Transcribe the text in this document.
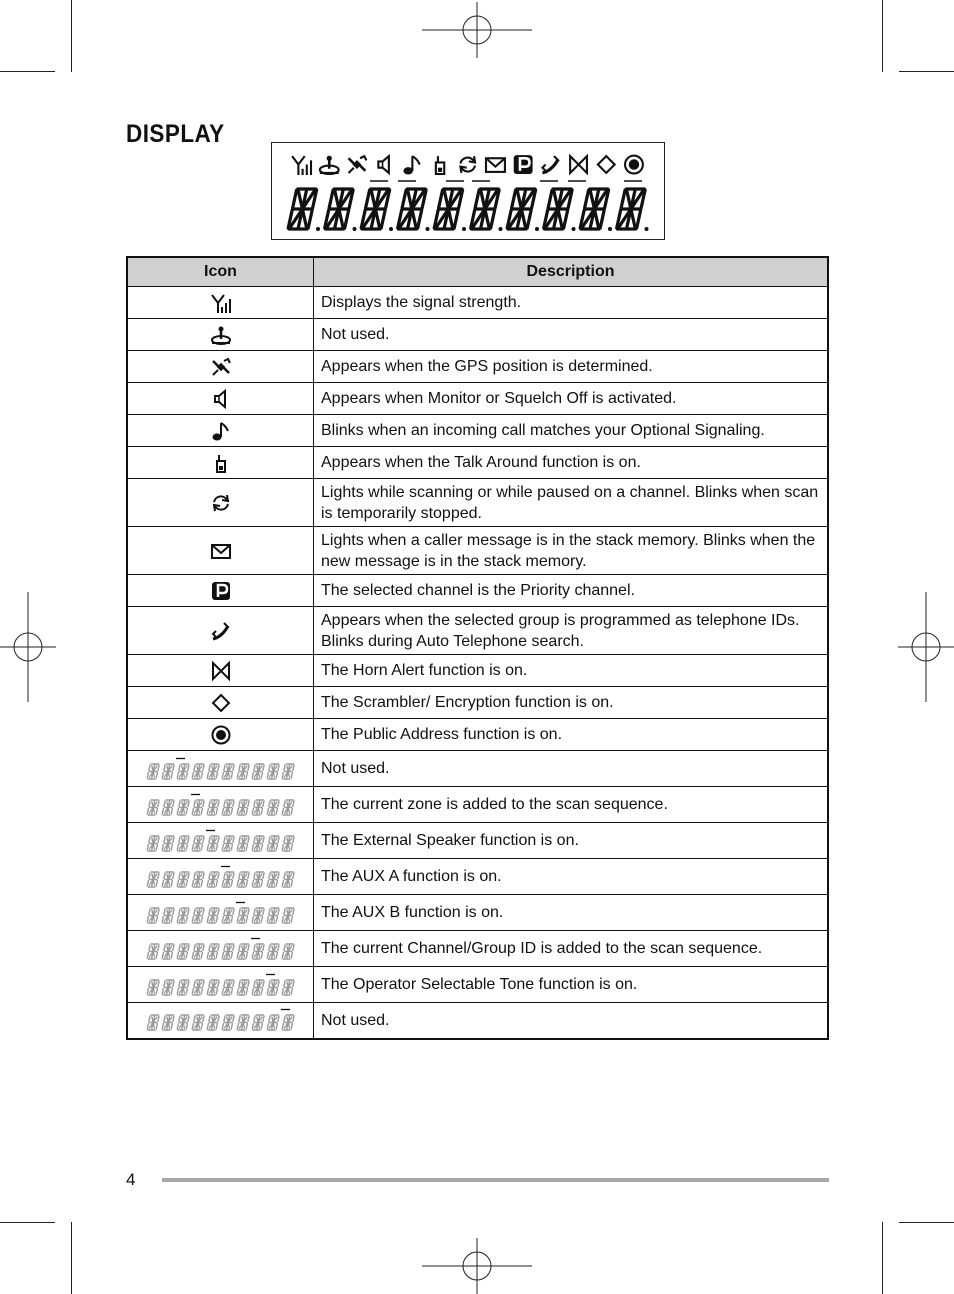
DISPLAY
Icon	Description

	Displays the signal strength.

	Not used.

	Appears when the GPS position is determined.

	Appears when Monitor or Squelch Off is activated.

	Blinks when an incoming call matches your Optional Signaling.

	Appears when the Talk Around function is on.

	Lights while scanning or while paused on a channel. Blinks when scan is temporarily stopped.

	Lights when a caller message is in the stack memory. Blinks when the new message is in the stack memory.

	The selected channel is the Priority channel.

	Appears when the selected group is programmed as telephone IDs. Blinks during Auto Telephone search.

	The Horn Alert function is on.

	The Scrambler/ Encryption function is on.

	The Public Address function is on.

	Not used.

	The current zone is added to the scan sequence.

	The External Speaker function is on.

	The AUX A function is on.

	The AUX B function is on.

	The current Channel/Group ID is added to the scan sequence.

	The Operator Selectable Tone function is on.

	Not used.
4
